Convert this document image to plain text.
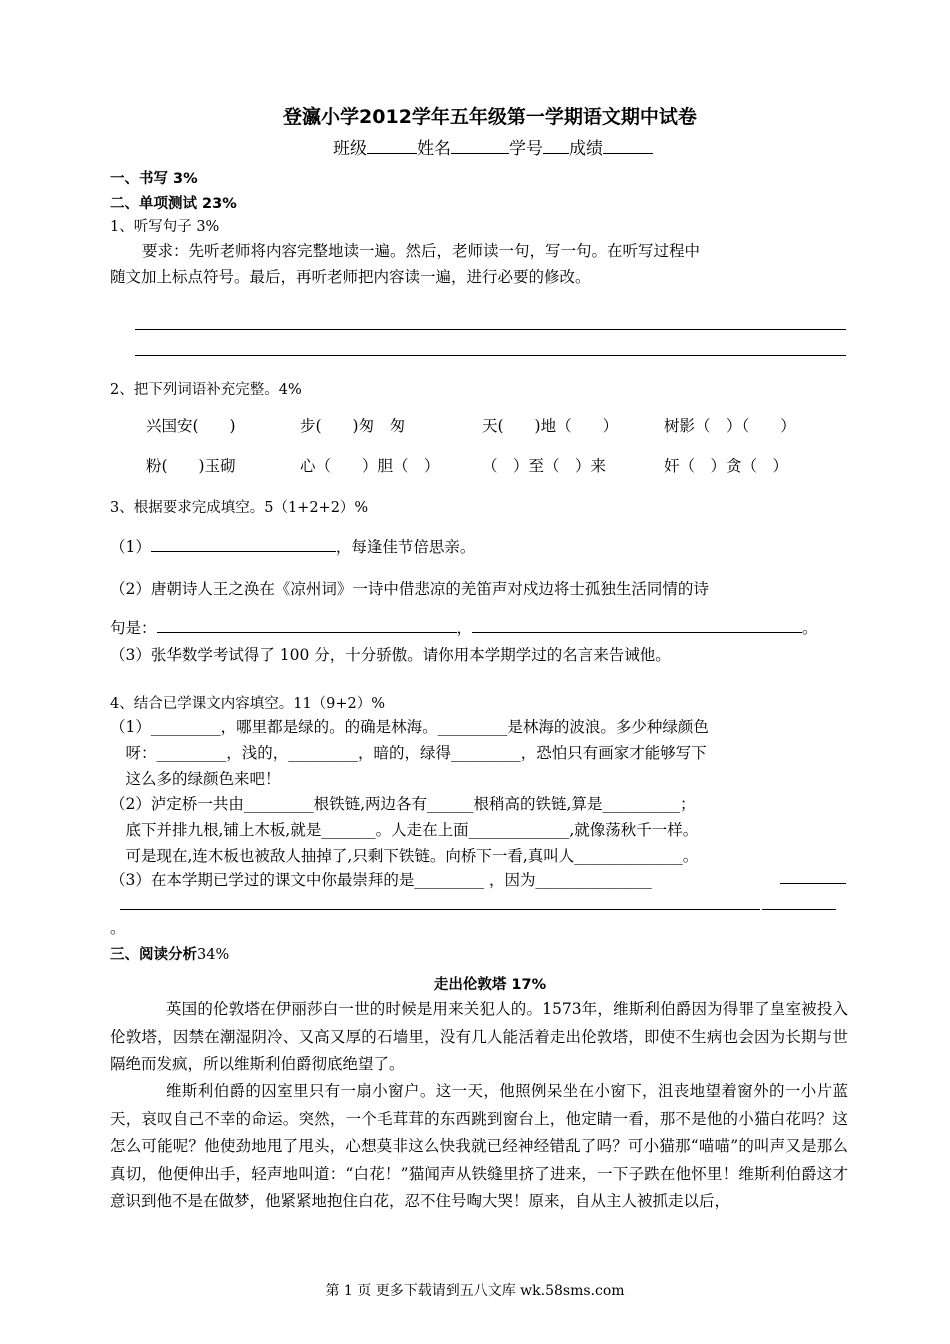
登瀛小学2012学年五年级第一学期语文期中试卷
班级	姓名	学号 成绩
一、书写 3%
二、单项测试 23%
1、听写句子 3%
要求：先听老师将内容完整地读一遍。然后，老师读一句，写一句。在听写过程中
随文加上标点符号。最后，再听老师把内容读一遍，进行必要的修改。
2、把下列词语补充完整。4%
兴国安(　　)	步(　　)匆　匆	天(　　)地（　　）	树影（　）（　　）
粉(　　)玉砌	心（　　）胆（　）	（　）至（　）来	奸（　）贪（　）
3、根据要求完成填空。5（1+2+2）%
（1）	，每逢佳节倍思亲。
（2）唐朝诗人王之涣在《凉州词》一诗中借悲凉的羌笛声对戍边将士孤独生活同情的诗
句是：	，	。
（3）张华数学考试得了 100 分，十分骄傲。请你用本学期学过的名言来告诫他。
4、结合已学课文内容填空。11（9+2）%
（1）_________，哪里都是绿的。的确是林海。_________是林海的波浪。多少种绿颜色
　呀：_________，浅的，_________，暗的，绿得_________，恐怕只有画家才能够写下
　这么多的绿颜色来吧！
（2）泸定桥一共由_________根铁链,两边各有______根稍高的铁链,算是__________；
　底下并排九根,铺上木板,就是_______。人走在上面_____________,就像荡秋千一样。
　可是现在,连木板也被敌人抽掉了,只剩下铁链。向桥下一看,真叫人______________。
（3）在本学期已学过的课文中你最崇拜的是_________ ，因为_______________
。
三、阅读分析34%
走出伦敦塔 17%
英国的伦敦塔在伊丽莎白一世的时候是用来关犯人的。1573年，维斯利伯爵因为得罪了皇室被投入伦敦塔，因禁在潮湿阴冷、又高又厚的石墙里，没有几人能活着走出伦敦塔，即使不生病也会因为长期与世隔绝而发疯，所以维斯利伯爵彻底绝望了。
维斯利伯爵的囚室里只有一扇小窗户。这一天，他照例呆坐在小窗下，沮丧地望着窗外的一小片蓝天，哀叹自己不幸的命运。突然，一个毛茸茸的东西跳到窗台上，他定睛一看，那不是他的小猫白花吗？这怎么可能呢？他使劲地甩了甩头，心想莫非这么快我就已经神经错乱了吗？可小猫那“喵喵”的叫声又是那么真切，他便伸出手，轻声地叫道：“白花！”猫闻声从铁缝里挤了进来，一下子跌在他怀里！维斯利伯爵这才意识到他不是在做梦，他紧紧地抱住白花，忍不住号啕大哭！原来，自从主人被抓走以后，
第 1 页 更多下载请到五八文库 wk.58sms.com
